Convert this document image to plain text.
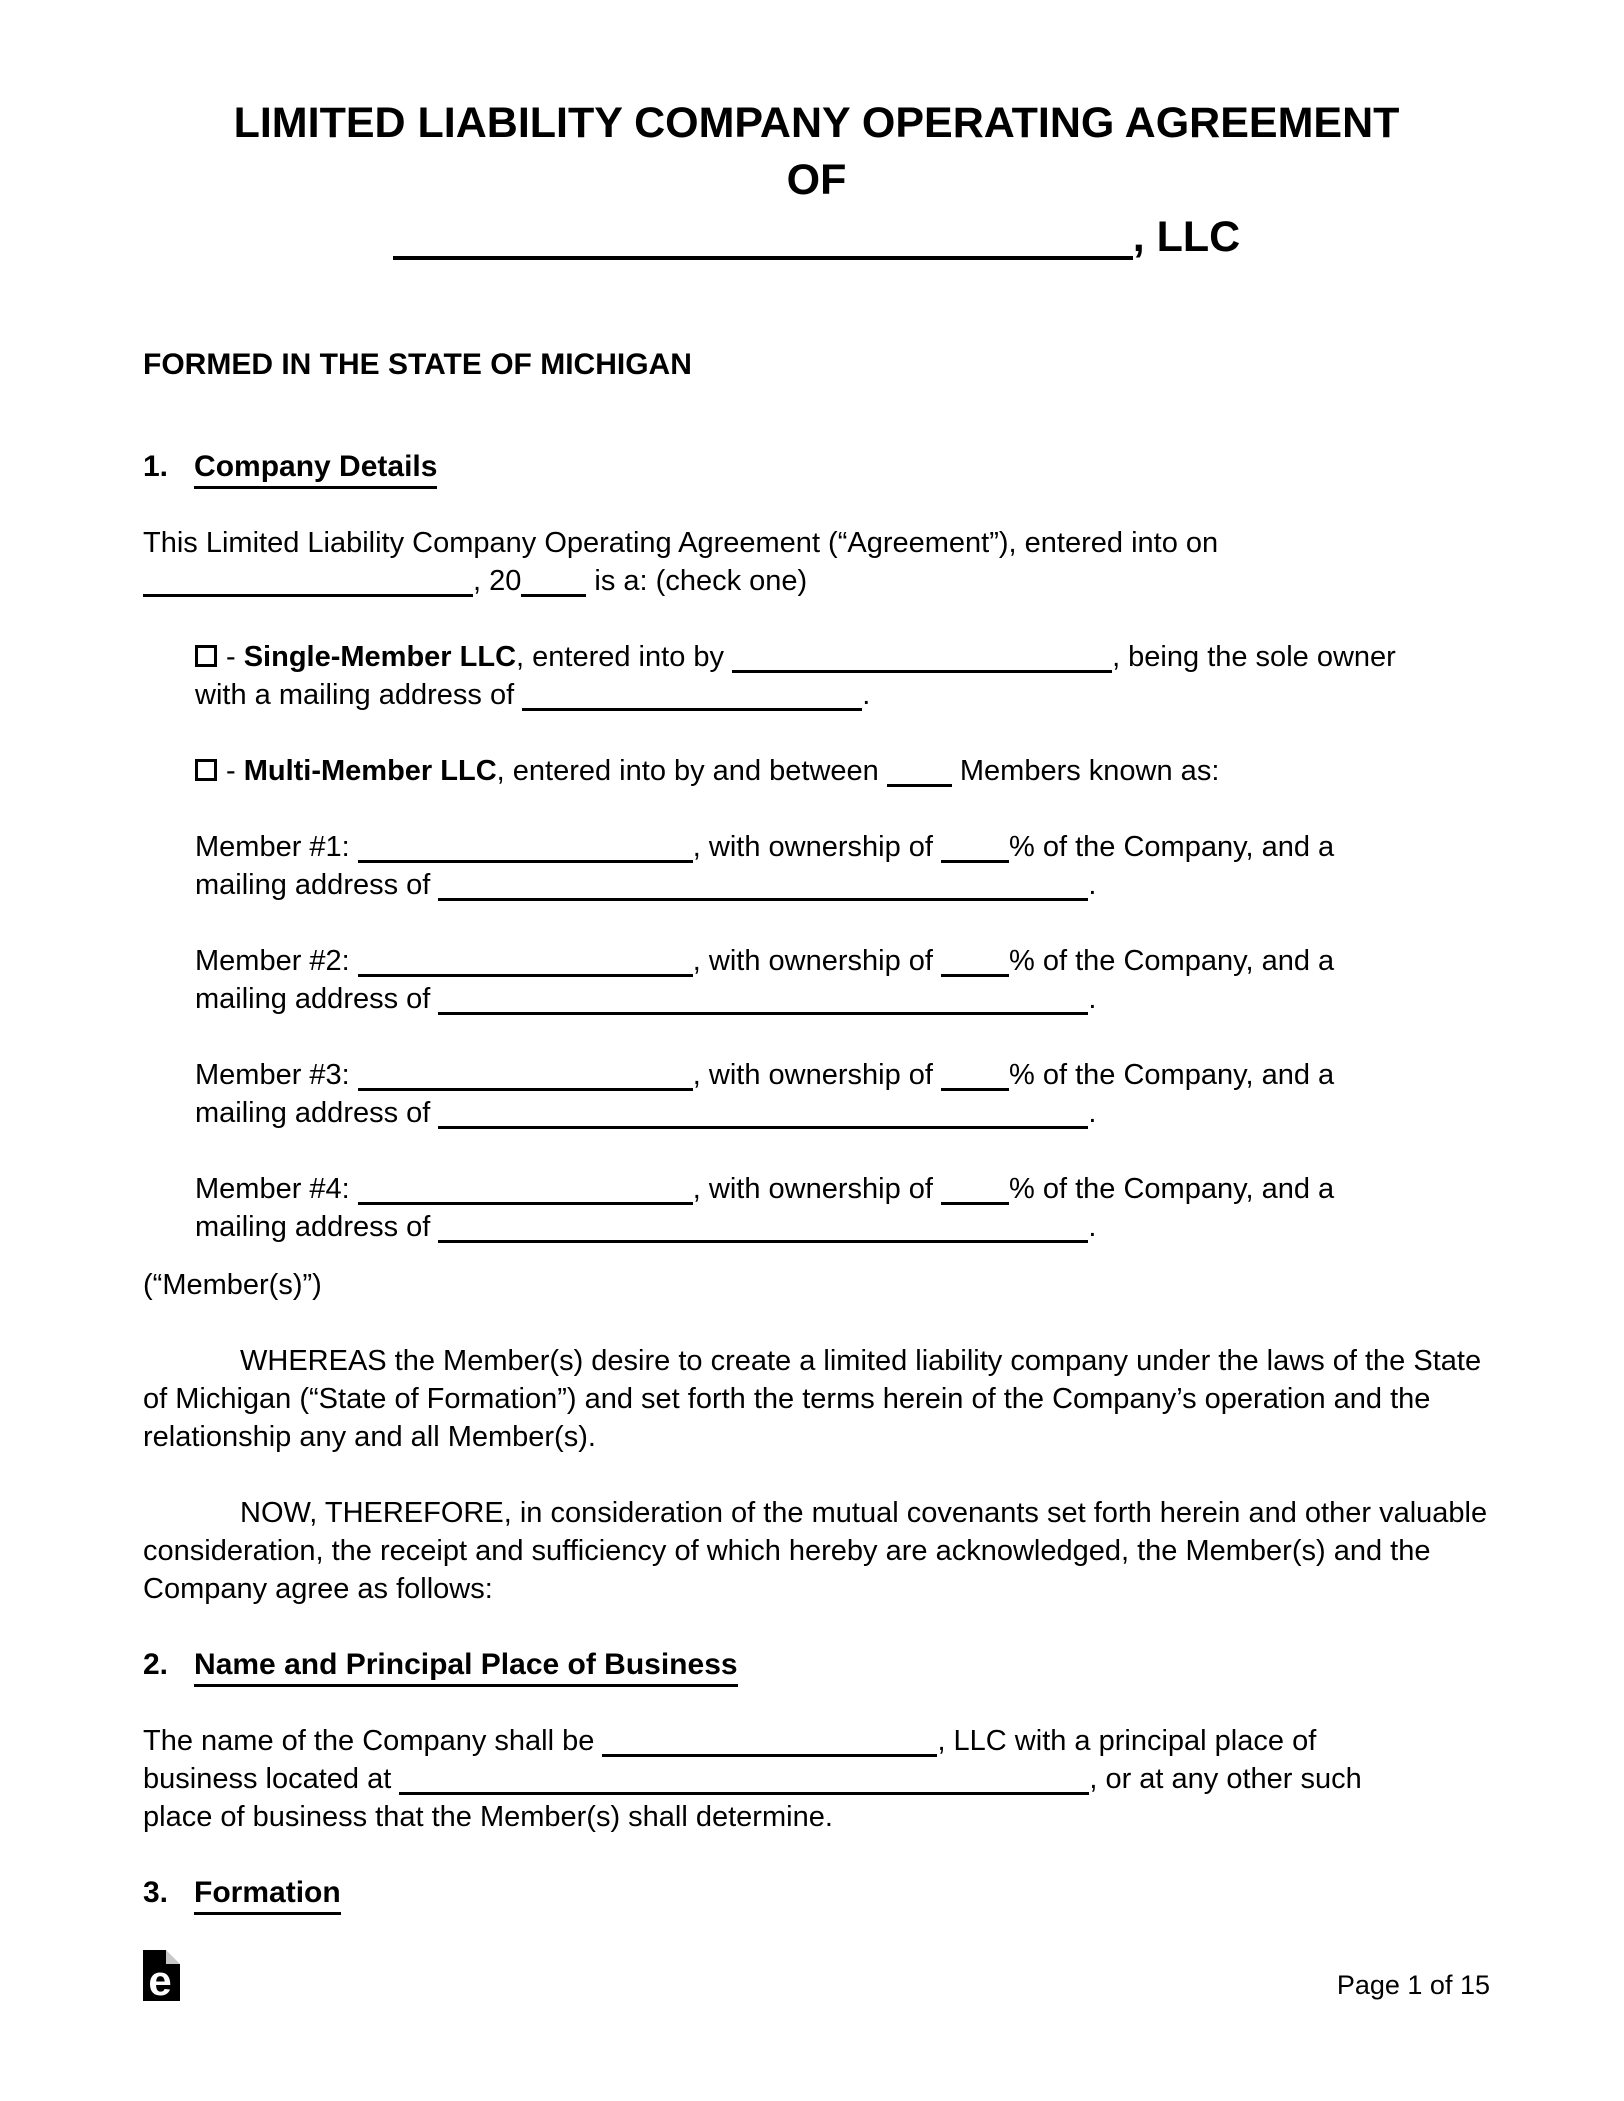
LIMITED LIABILITY COMPANY OPERATING AGREEMENT
OF
, LLC

FORMED IN THE STATE OF MICHIGAN

1. Company Details

This Limited Liability Company Operating Agreement (“Agreement”), entered into on
, 20 is a: (check one)

- Single-Member LLC, entered into by	, being the sole owner
with a mailing address of	.

- Multi-Member LLC, entered into by and between  Members known as:

Member #1:	, with ownership of % of the Company, and a
mailing address of	.

Member #2:	, with ownership of % of the Company, and a
mailing address of	.

Member #3:	, with ownership of % of the Company, and a
mailing address of	.

Member #4:	, with ownership of % of the Company, and a
mailing address of	.

(“Member(s)”)

WHEREAS the Member(s) desire to create a limited liability company under the laws of the State of Michigan (“State of Formation”) and set forth the terms herein of the Company’s operation and the relationship any and all Member(s).

NOW, THEREFORE, in consideration of the mutual covenants set forth herein and other valuable consideration, the receipt and sufficiency of which hereby are acknowledged, the Member(s) and the Company agree as follows:

2. Name and Principal Place of Business

The name of the Company shall be	, LLC with a principal place of
business located at	, or at any other such
place of business that the Member(s) shall determine.

3. Formation

e	Page 1 of 15
